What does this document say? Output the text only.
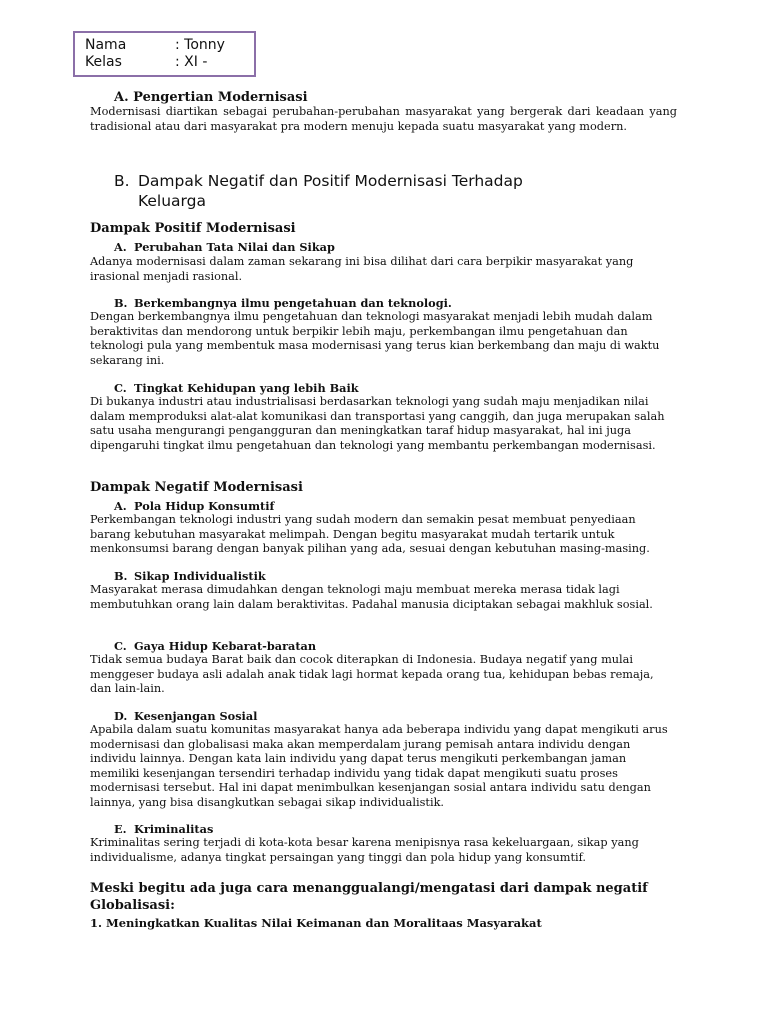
Nama	: Tonny
Kelas	: XI -
A. Pengertian Modernisasi
Modernisasi diartikan sebagai perubahan-perubahan masyarakat yang bergerak dari keadaan yang tradisional atau dari masyarakat pra modern menuju kepada suatu masyarakat yang modern.
B. Dampak Negatif dan Positif Modernisasi Terhadap
Keluarga
Dampak Positif Modernisasi
A. Perubahan Tata Nilai dan Sikap
Adanya modernisasi dalam zaman sekarang ini bisa dilihat dari cara berpikir masyarakat yang irasional menjadi rasional.
B. Berkembangnya ilmu pengetahuan dan teknologi.
Dengan berkembangnya ilmu pengetahuan dan teknologi masyarakat menjadi lebih mudah dalam beraktivitas dan mendorong untuk berpikir lebih maju, perkembangan ilmu pengetahuan dan teknologi pula yang membentuk masa modernisasi yang terus kian berkembang dan maju di waktu sekarang ini.
C. Tingkat Kehidupan yang lebih Baik
Di bukanya industri atau industrialisasi berdasarkan teknologi yang sudah maju menjadikan nilai dalam memproduksi alat-alat komunikasi dan transportasi yang canggih, dan juga merupakan salah satu usaha mengurangi pengangguran dan meningkatkan taraf hidup masyarakat, hal ini juga dipengaruhi tingkat ilmu pengetahuan dan teknologi yang membantu perkembangan modernisasi.
Dampak Negatif Modernisasi
A. Pola Hidup Konsumtif
Perkembangan teknologi industri yang sudah modern dan semakin pesat membuat penyediaan barang kebutuhan masyarakat melimpah. Dengan begitu masyarakat mudah tertarik untuk menkonsumsi barang dengan banyak pilihan yang ada, sesuai dengan kebutuhan masing-masing.
B. Sikap Individualistik
Masyarakat merasa dimudahkan dengan teknologi maju membuat mereka merasa tidak lagi membutuhkan orang lain dalam beraktivitas. Padahal manusia diciptakan sebagai makhluk sosial.
C. Gaya Hidup Kebarat-baratan
Tidak semua budaya Barat baik dan cocok diterapkan di Indonesia. Budaya negatif yang mulai menggeser budaya asli adalah anak tidak lagi hormat kepada orang tua, kehidupan bebas remaja, dan lain-lain.
D. Kesenjangan Sosial
Apabila dalam suatu komunitas masyarakat hanya ada beberapa individu yang dapat mengikuti arus modernisasi dan globalisasi maka akan memperdalam jurang pemisah antara individu dengan individu lainnya. Dengan kata lain individu yang dapat terus mengikuti perkembangan jaman memiliki kesenjangan tersendiri terhadap individu yang tidak dapat mengikuti suatu proses modernisasi tersebut. Hal ini dapat menimbulkan kesenjangan sosial antara individu satu dengan lainnya, yang bisa disangkutkan sebagai sikap individualistik.
E. Kriminalitas
Kriminalitas sering terjadi di kota-kota besar karena menipisnya rasa kekeluargaan, sikap yang individualisme, adanya tingkat persaingan yang tinggi dan pola hidup yang konsumtif.
Meski begitu ada juga cara menanggualangi/mengatasi dari dampak negatif Globalisasi:
1. Meningkatkan Kualitas Nilai Keimanan dan Moralitaas Masyarakat
